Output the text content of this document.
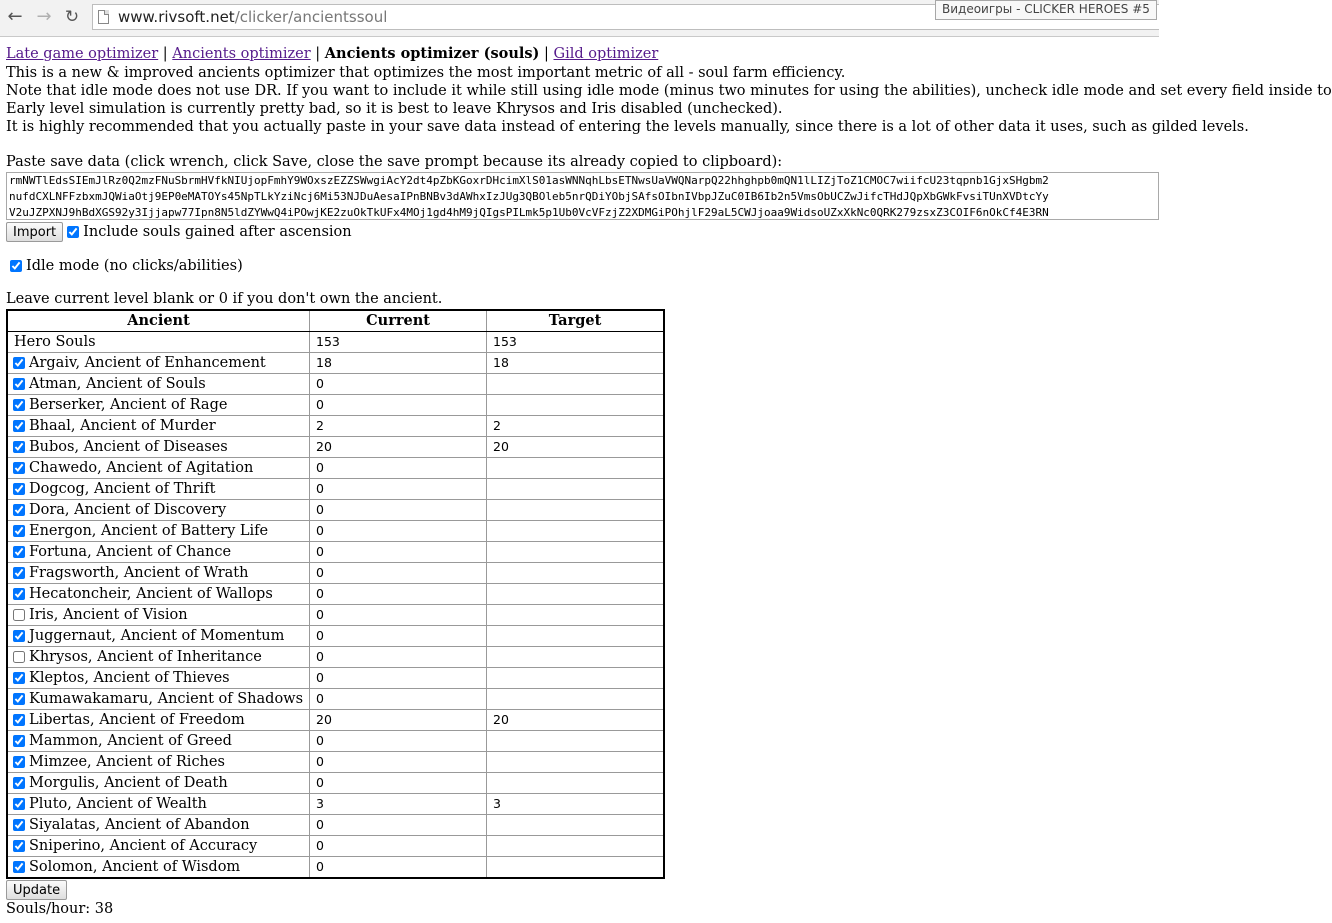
← → ↻	www.rivsoft.net/clicker/ancientssoul	Видеоигры - CLICKER HEROES #5
Late game optimizer | Ancients optimizer | Ancients optimizer (souls) | Gild optimizer

This is a new & improved ancients optimizer that optimizes the most important metric of all - soul farm efficiency.

Note that idle mode does not use DR. If you want to include it while still using idle mode (minus two minutes for using the abilities), uncheck idle mode and set every field inside to

Early level simulation is currently pretty bad, so it is best to leave Khrysos and Iris disabled (unchecked).

It is highly recommended that you actually paste in your save data instead of entering the levels manually, since there is a lot of other data it uses, such as gilded levels.

Paste save data (click wrench, click Save, close the save prompt because its already copied to clipboard):
rmNWTlEdsSIEmJlRz0Q2mzFNuSbrmHVfkNIUjopFmhY9WOxszEZZSWwgiAcY2dt4pZbKGoxrDHcimXlS01asWNNqhLbsETNwsUaVWQNarpQ22hhghpb0mQN1lLIZjToZ1CMOC7wiifcU23tqpnb1GjxSHgbm2
nufdCXLNFFzbxmJQWiaOtj9EP0eMATOYs45NpTLkYziNcj6Mi53NJDuAesaIPnBNBv3dAWhxIzJUg3QBOleb5nrQDiYObjSAfsOIbnIVbpJZuC0IB6Ib2n5VmsObUCZwJifcTHdJQpXbGWkFvsiTUnXVDtcYy
V2uJZPXNJ9hBdXGS92y3Ijjapw77Ipn8N5ldZYWwQ4iPOwjKE2zuOkTkUFx4MOj1gd4hM9jQIgsPILmk5p1Ub0VcVFzjZ2XDMGiPOhjlF29aL5CWJjoaa9WidsoUZxXkNc0QRK279zsxZ3COIF6nOkCf4E3RN
Import	Include souls gained after ascension
Idle mode (no clicks/abilities)
Leave current level blank or 0 if you don't own the ancient.
Ancient	Current	Target
Hero Souls	153	153
Argaiv, Ancient of Enhancement	18	18
Atman, Ancient of Souls	0	
Berserker, Ancient of Rage	0	
Bhaal, Ancient of Murder	2	2
Bubos, Ancient of Diseases	20	20
Chawedo, Ancient of Agitation	0	
Dogcog, Ancient of Thrift	0	
Dora, Ancient of Discovery	0	
Energon, Ancient of Battery Life	0	
Fortuna, Ancient of Chance	0	
Fragsworth, Ancient of Wrath	0	
Hecatoncheir, Ancient of Wallops	0	
Iris, Ancient of Vision	0	
Juggernaut, Ancient of Momentum	0	
Khrysos, Ancient of Inheritance	0	
Kleptos, Ancient of Thieves	0	
Kumawakamaru, Ancient of Shadows	0	
Libertas, Ancient of Freedom	20	20
Mammon, Ancient of Greed	0	
Mimzee, Ancient of Riches	0	
Morgulis, Ancient of Death	0	
Pluto, Ancient of Wealth	3	3
Siyalatas, Ancient of Abandon	0	
Sniperino, Ancient of Accuracy	0	
Solomon, Ancient of Wisdom	0	
Update
Souls/hour: 38
